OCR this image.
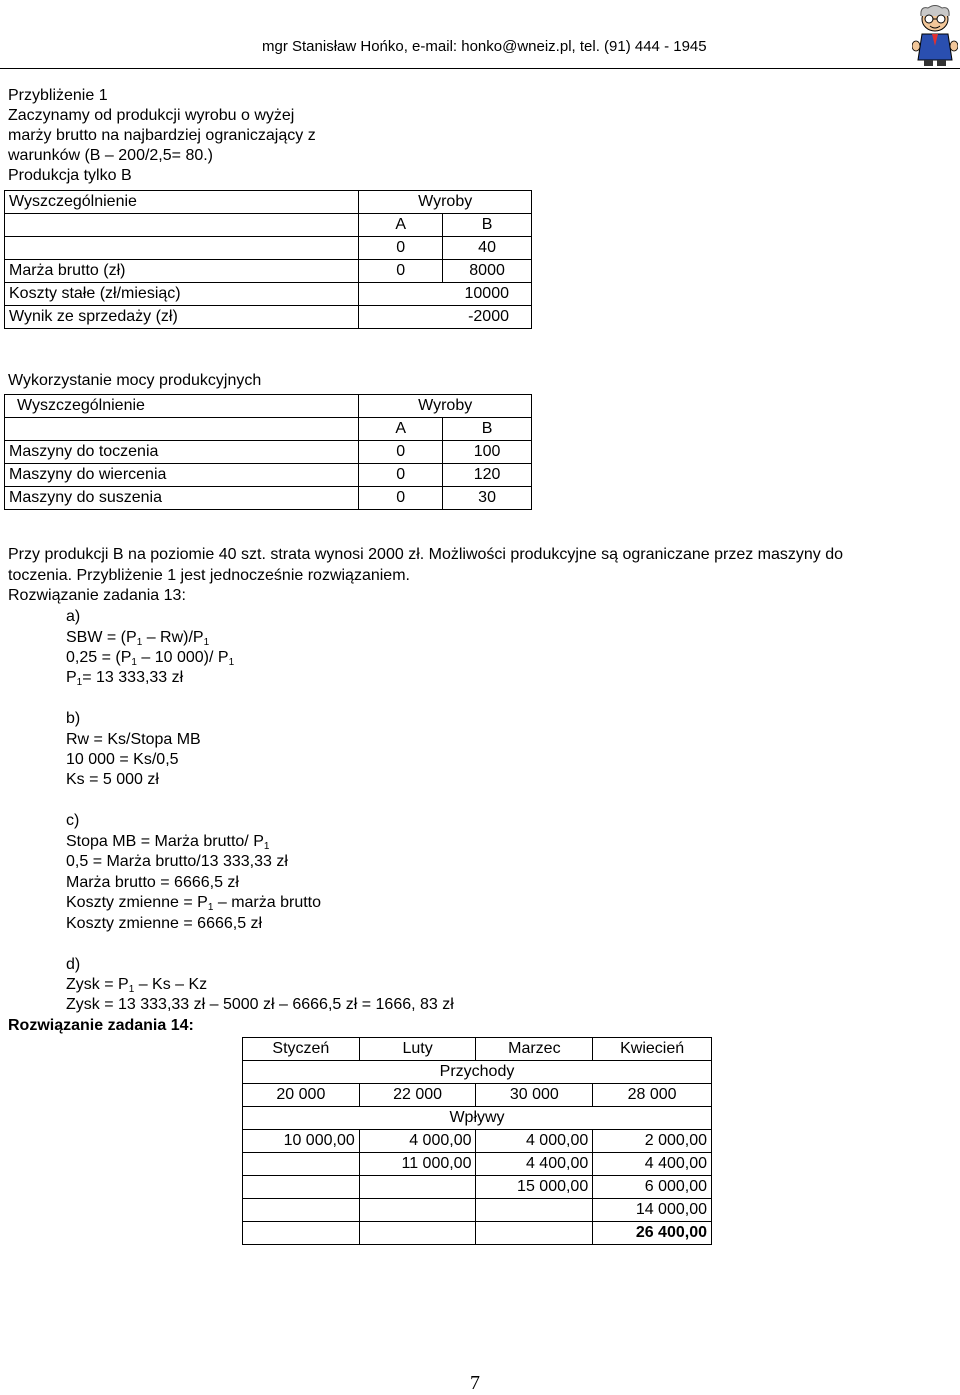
mgr Stanisław Hońko, e-mail: honko@wneiz.pl, tel. (91) 444 - 1945
Przybliżenie 1
Zaczynamy od produkcji wyrobu o wyżej
marży brutto na najbardziej ograniczający z
warunków (B – 200/2,5= 80.)
Produkcja tylko B
Wyszczególnienie	Wyroby	
	A	B
	0	40
Marża brutto (zł)	0	8000
Koszty stałe (zł/miesiąc)	10000	
Wynik ze sprzedaży (zł)	-2000	
Wykorzystanie mocy produkcyjnych
Wyszczególnienie	Wyroby	
	A	B
Maszyny do toczenia	0	100
Maszyny do wiercenia	0	120
Maszyny do suszenia	0	30
Przy produkcji B na poziomie 40 szt. strata wynosi 2000 zł. Możliwości produkcyjne są ograniczane przez maszyny do
toczenia. Przybliżenie 1 jest jednocześnie rozwiązaniem.
Rozwiązanie zadania 13:
a)
SBW = $(P_1 - Rw)/P_1$
$0,25 = (P_1 - 10$ 000)/ $P_1$
$P_1= 13$ 333,33 zł
b)
Rw = Ks/Stopa MB
10 000 = Ks/0,5
Ks = 5 000 zł
c)
Stopa MB = Marża brutto/ $P_1$
0,5 = Marża brutto/13 333,33 zł
Marża brutto = 6666,5 zł
Koszty zmienne = $P_1$ – marża brutto
Koszty zmienne = 6666,5 zł
d)
Zysk = $P_1$ – Ks – Kz
Zysk = 13 333,33 zł – 5000 zł – 6666,5 zł = 1666, 83 zł
Rozwiązanie zadania 14:
Styczeń	Luty	Marzec	Kwiecień
Przychody			
20 000	22 000	30 000	28 000
Wpływy			
10 000,00	4 000,00	4 000,00	2 000,00
	11 000,00	4 400,00	4 400,00
		15 000,00	6 000,00
			14 000,00
			26 400,00
7
